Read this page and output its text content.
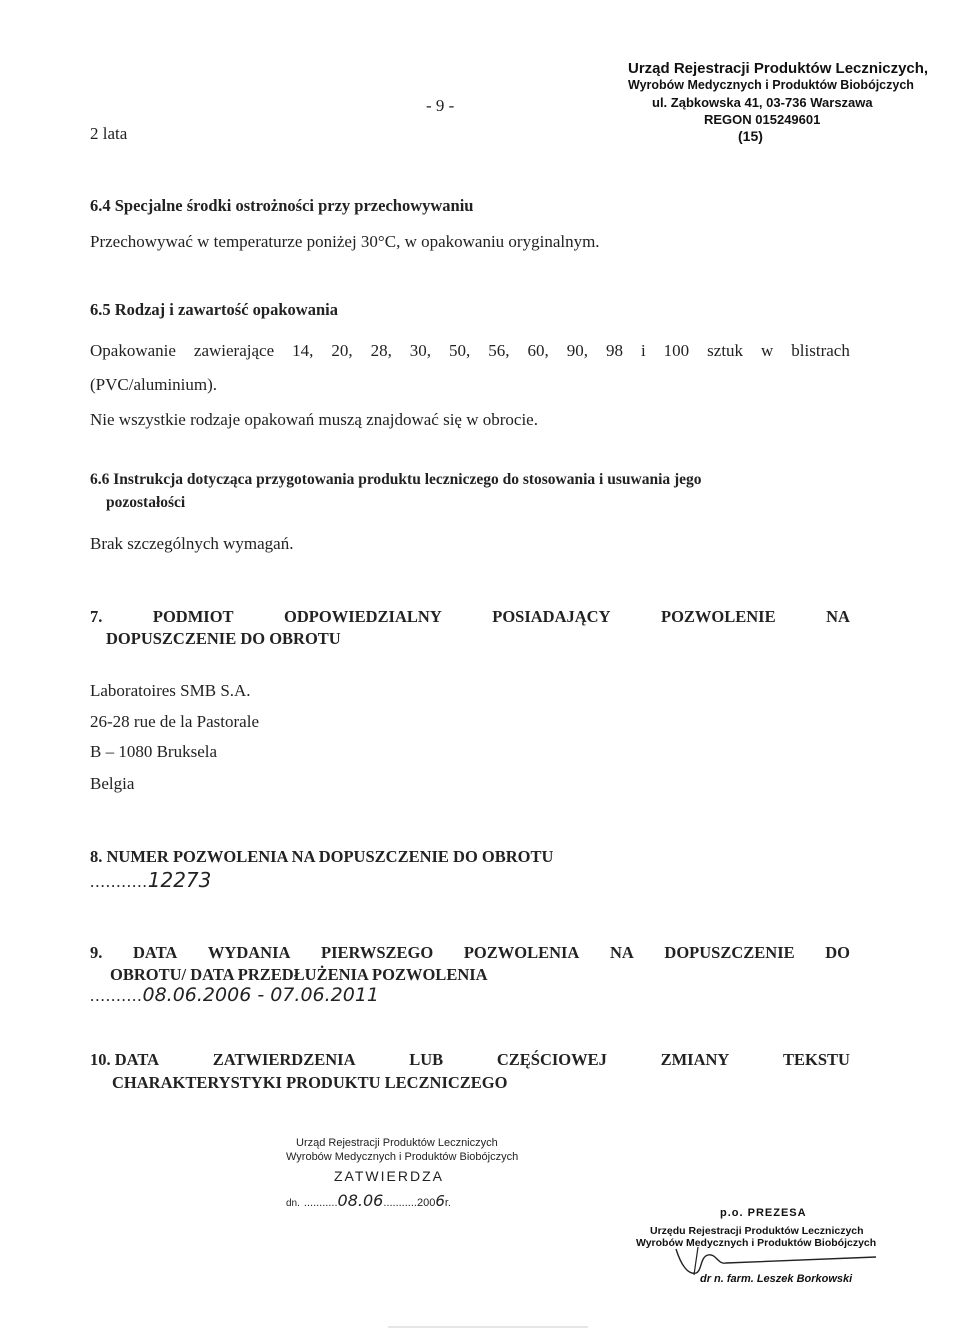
- 9 -
2 lata
Urząd Rejestracji Produktów Leczniczych,
Wyrobów Medycznych i Produktów Biobójczych
ul. Ząbkowska 41, 03-736 Warszawa
REGON 015249601
(15)
6.4 Specjalne środki ostrożności przy przechowywaniu
Przechowywać w temperaturze poniżej 30°C, w opakowaniu oryginalnym.
6.5 Rodzaj i zawartość opakowania
Opakowanie zawierające 14, 20, 28, 30, 50, 56, 60, 90, 98 i 100 sztuk w blistrach
(PVC/aluminium).
Nie wszystkie rodzaje opakowań muszą znajdować się w obrocie.
6.6 Instrukcja dotycząca przygotowania produktu leczniczego do stosowania i usuwania jego
pozostałości
Brak szczególnych wymagań.
7.	PODMIOT	ODPOWIEDZIALNY	POSIADAJĄCY	POZWOLENIE	NA
DOPUSZCZENIE DO OBROTU
Laboratoires SMB S.A.
26-28 rue de la Pastorale
B – 1080 Bruksela
Belgia
8. NUMER POZWOLENIA NA DOPUSZCZENIE DO OBROTU
...........12273
9. DATA WYDANIA PIERWSZEGO POZWOLENIA NA DOPUSZCZENIE DO
OBROTU/ DATA PRZEDŁUŻENIA POZWOLENIA
..........08.06.2006 - 07.06.2011
10. DATA	ZATWIERDZENIA	LUB	CZĘŚCIOWEJ	ZMIANY	TEKSTU
CHARAKTERYSTYKI PRODUKTU LECZNICZEGO
Urząd Rejestracji Produktów Leczniczych
Wyrobów Medycznych i Produktów Biobójczych
ZATWIERDZA
dn. ...........08.06...........2006r.
p.o. PREZESA
Urzędu Rejestracji Produktów Leczniczych
Wyrobów Medycznych i Produktów Biobójczych
dr n. farm. Leszek Borkowski
